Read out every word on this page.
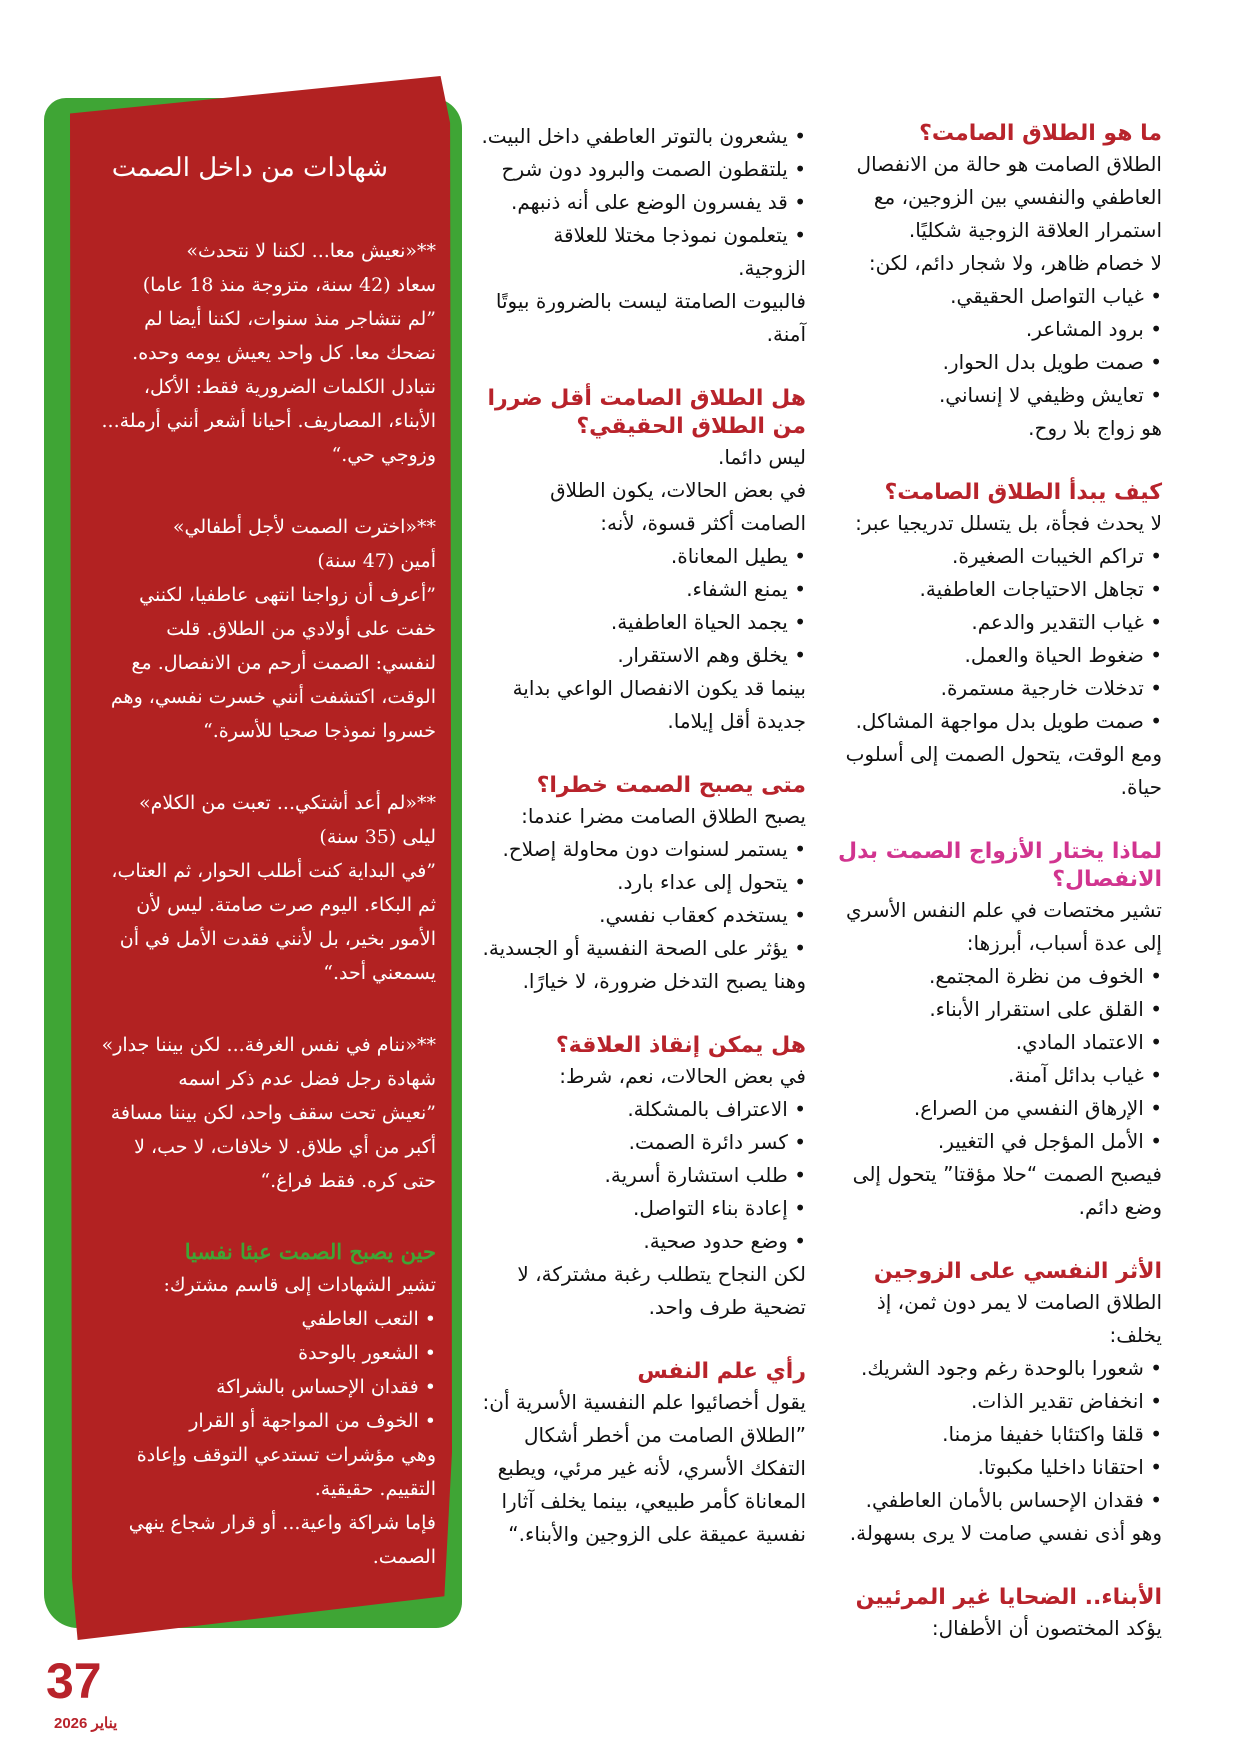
ما هو الطلاق الصامت؟

الطلاق الصامت هو حالة من الانفصال العاطفي والنفسي بين الزوجين، مع استمرار العلاقة الزوجية شكليًا.

لا خصام ظاهر، ولا شجار دائم، لكن:

• غياب التواصل الحقيقي.

• برود المشاعر.

• صمت طويل بدل الحوار.

• تعايش وظيفي لا إنساني.

هو زواج بلا روح.

كيف يبدأ الطلاق الصامت؟

لا يحدث فجأة، بل يتسلل تدريجيا عبر:

• تراكم الخيبات الصغيرة.

• تجاهل الاحتياجات العاطفية.

• غياب التقدير والدعم.

• ضغوط الحياة والعمل.

• تدخلات خارجية مستمرة.

• صمت طويل بدل مواجهة المشاكل.

ومع الوقت، يتحول الصمت إلى أسلوب حياة.

لماذا يختار الأزواج الصمت بدل الانفصال؟

تشير مختصات في علم النفس الأسري إلى عدة أسباب، أبرزها:

• الخوف من نظرة المجتمع.

• القلق على استقرار الأبناء.

• الاعتماد المادي.

• غياب بدائل آمنة.

• الإرهاق النفسي من الصراع.

• الأمل المؤجل في التغيير.

فيصبح الصمت “حلا مؤقتا” يتحول إلى وضع دائم.

الأثر النفسي على الزوجين

الطلاق الصامت لا يمر دون ثمن، إذ يخلف:

• شعورا بالوحدة رغم وجود الشريك.

• انخفاض تقدير الذات.

• قلقا واكتئابا خفيفا مزمنا.

• احتقانا داخليا مكبوتا.

• فقدان الإحساس بالأمان العاطفي.

وهو أذى نفسي صامت لا يرى بسهولة.

الأبناء.. الضحايا غير المرئيين

يؤكد المختصون أن الأطفال:

• يشعرون بالتوتر العاطفي داخل البيت.

• يلتقطون الصمت والبرود دون شرح

• قد يفسرون الوضع على أنه ذنبهم.

• يتعلمون نموذجا مختلا للعلاقة الزوجية.

فالبيوت الصامتة ليست بالضرورة بيوتًا آمنة.

هل الطلاق الصامت أقل ضررا من الطلاق الحقيقي؟

ليس دائما.

في بعض الحالات، يكون الطلاق الصامت أكثر قسوة، لأنه:

• يطيل المعاناة.

• يمنع الشفاء.

• يجمد الحياة العاطفية.

• يخلق وهم الاستقرار.

بينما قد يكون الانفصال الواعي بداية جديدة أقل إيلاما.

متى يصبح الصمت خطرا؟

يصبح الطلاق الصامت مضرا عندما:

• يستمر لسنوات دون محاولة إصلاح.

• يتحول إلى عداء بارد.

• يستخدم كعقاب نفسي.

• يؤثر على الصحة النفسية أو الجسدية.

وهنا يصبح التدخل ضرورة، لا خيارًا.

هل يمكن إنقاذ العلاقة؟

في بعض الحالات، نعم، شرط:

• الاعتراف بالمشكلة.

• كسر دائرة الصمت.

• طلب استشارة أسرية.

• إعادة بناء التواصل.

• وضع حدود صحية.

لكن النجاح يتطلب رغبة مشتركة، لا تضحية طرف واحد.

رأي علم النفس

يقول أخصائيوا علم النفسية الأسرية أن:

”الطلاق الصامت من أخطر أشكال التفكك الأسري، لأنه غير مرئي، ويطبع المعاناة كأمر طبيعي، بينما يخلف آثارا نفسية عميقة على الزوجين والأبناء.“

شهادات من داخل الصمت

**«نعيش معا... لكننا لا نتحدث»

سعاد (42 سنة، متزوجة منذ 18 عاما)

”لم نتشاجر منذ سنوات، لكننا أيضا لم نضحك معا. كل واحد يعيش يومه وحده. نتبادل الكلمات الضرورية فقط: الأكل، الأبناء، المصاريف. أحيانا أشعر أنني أرملة... وزوجي حي.“

**«اخترت الصمت لأجل أطفالي»

أمين (47 سنة)

”أعرف أن زواجنا انتهى عاطفيا، لكنني خفت على أولادي من الطلاق. قلت لنفسي: الصمت أرحم من الانفصال. مع الوقت، اكتشفت أنني خسرت نفسي، وهم خسروا نموذجا صحيا للأسرة.“

**«لم أعد أشتكي... تعبت من الكلام»

ليلى (35 سنة)

”في البداية كنت أطلب الحوار، ثم العتاب، ثم البكاء. اليوم صرت صامتة. ليس لأن الأمور بخير، بل لأنني فقدت الأمل في أن يسمعني أحد.“

**«ننام في نفس الغرفة... لكن بيننا جدار»

شهادة رجل فضل عدم ذكر اسمه

”نعيش تحت سقف واحد، لكن بيننا مسافة أكبر من أي طلاق. لا خلافات، لا حب، لا حتى كره. فقط فراغ.“

حين يصبح الصمت عبئا نفسيا

تشير الشهادات إلى قاسم مشترك:

• التعب العاطفي

• الشعور بالوحدة

• فقدان الإحساس بالشراكة

• الخوف من المواجهة أو القرار

وهي مؤشرات تستدعي التوقف وإعادة التقييم. حقيقية.

فإما شراكة واعية... أو قرار شجاع ينهي الصمت.

37
يناير 2026
